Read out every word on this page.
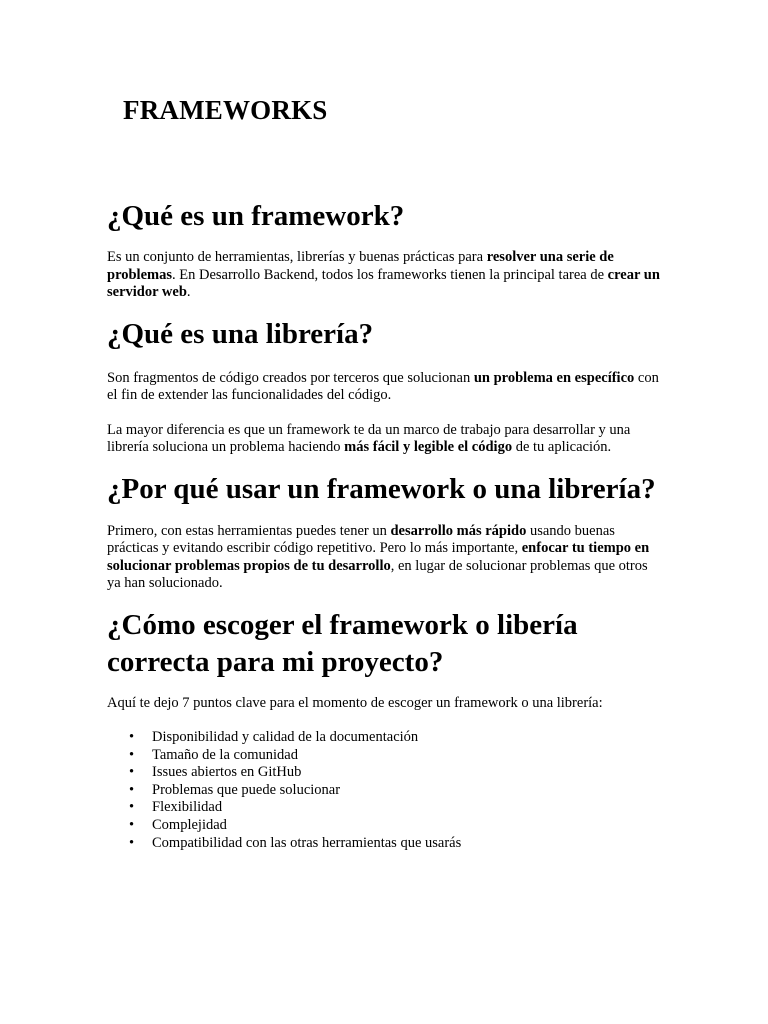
FRAMEWORKS
¿Qué es un framework?

Es un conjunto de herramientas, librerías y buenas prácticas para resolver una serie de problemas. En Desarrollo Backend, todos los frameworks tienen la principal tarea de crear un servidor web.

¿Qué es una librería?

Son fragmentos de código creados por terceros que solucionan un problema en específico con el fin de extender las funcionalidades del código.

La mayor diferencia es que un framework te da un marco de trabajo para desarrollar y una librería soluciona un problema haciendo más fácil y legible el código de tu aplicación.

¿Por qué usar un framework o una librería?

Primero, con estas herramientas puedes tener un desarrollo más rápido usando buenas prácticas y evitando escribir código repetitivo. Pero lo más importante, enfocar tu tiempo en solucionar problemas propios de tu desarrollo, en lugar de solucionar problemas que otros ya han solucionado.

¿Cómo escoger el framework o libería correcta para mi proyecto?

Aquí te dejo 7 puntos clave para el momento de escoger un framework o una librería:

• Disponibilidad y calidad de la documentación
• Tamaño de la comunidad
• Issues abiertos en GitHub
• Problemas que puede solucionar
• Flexibilidad
• Complejidad
• Compatibilidad con las otras herramientas que usarás
